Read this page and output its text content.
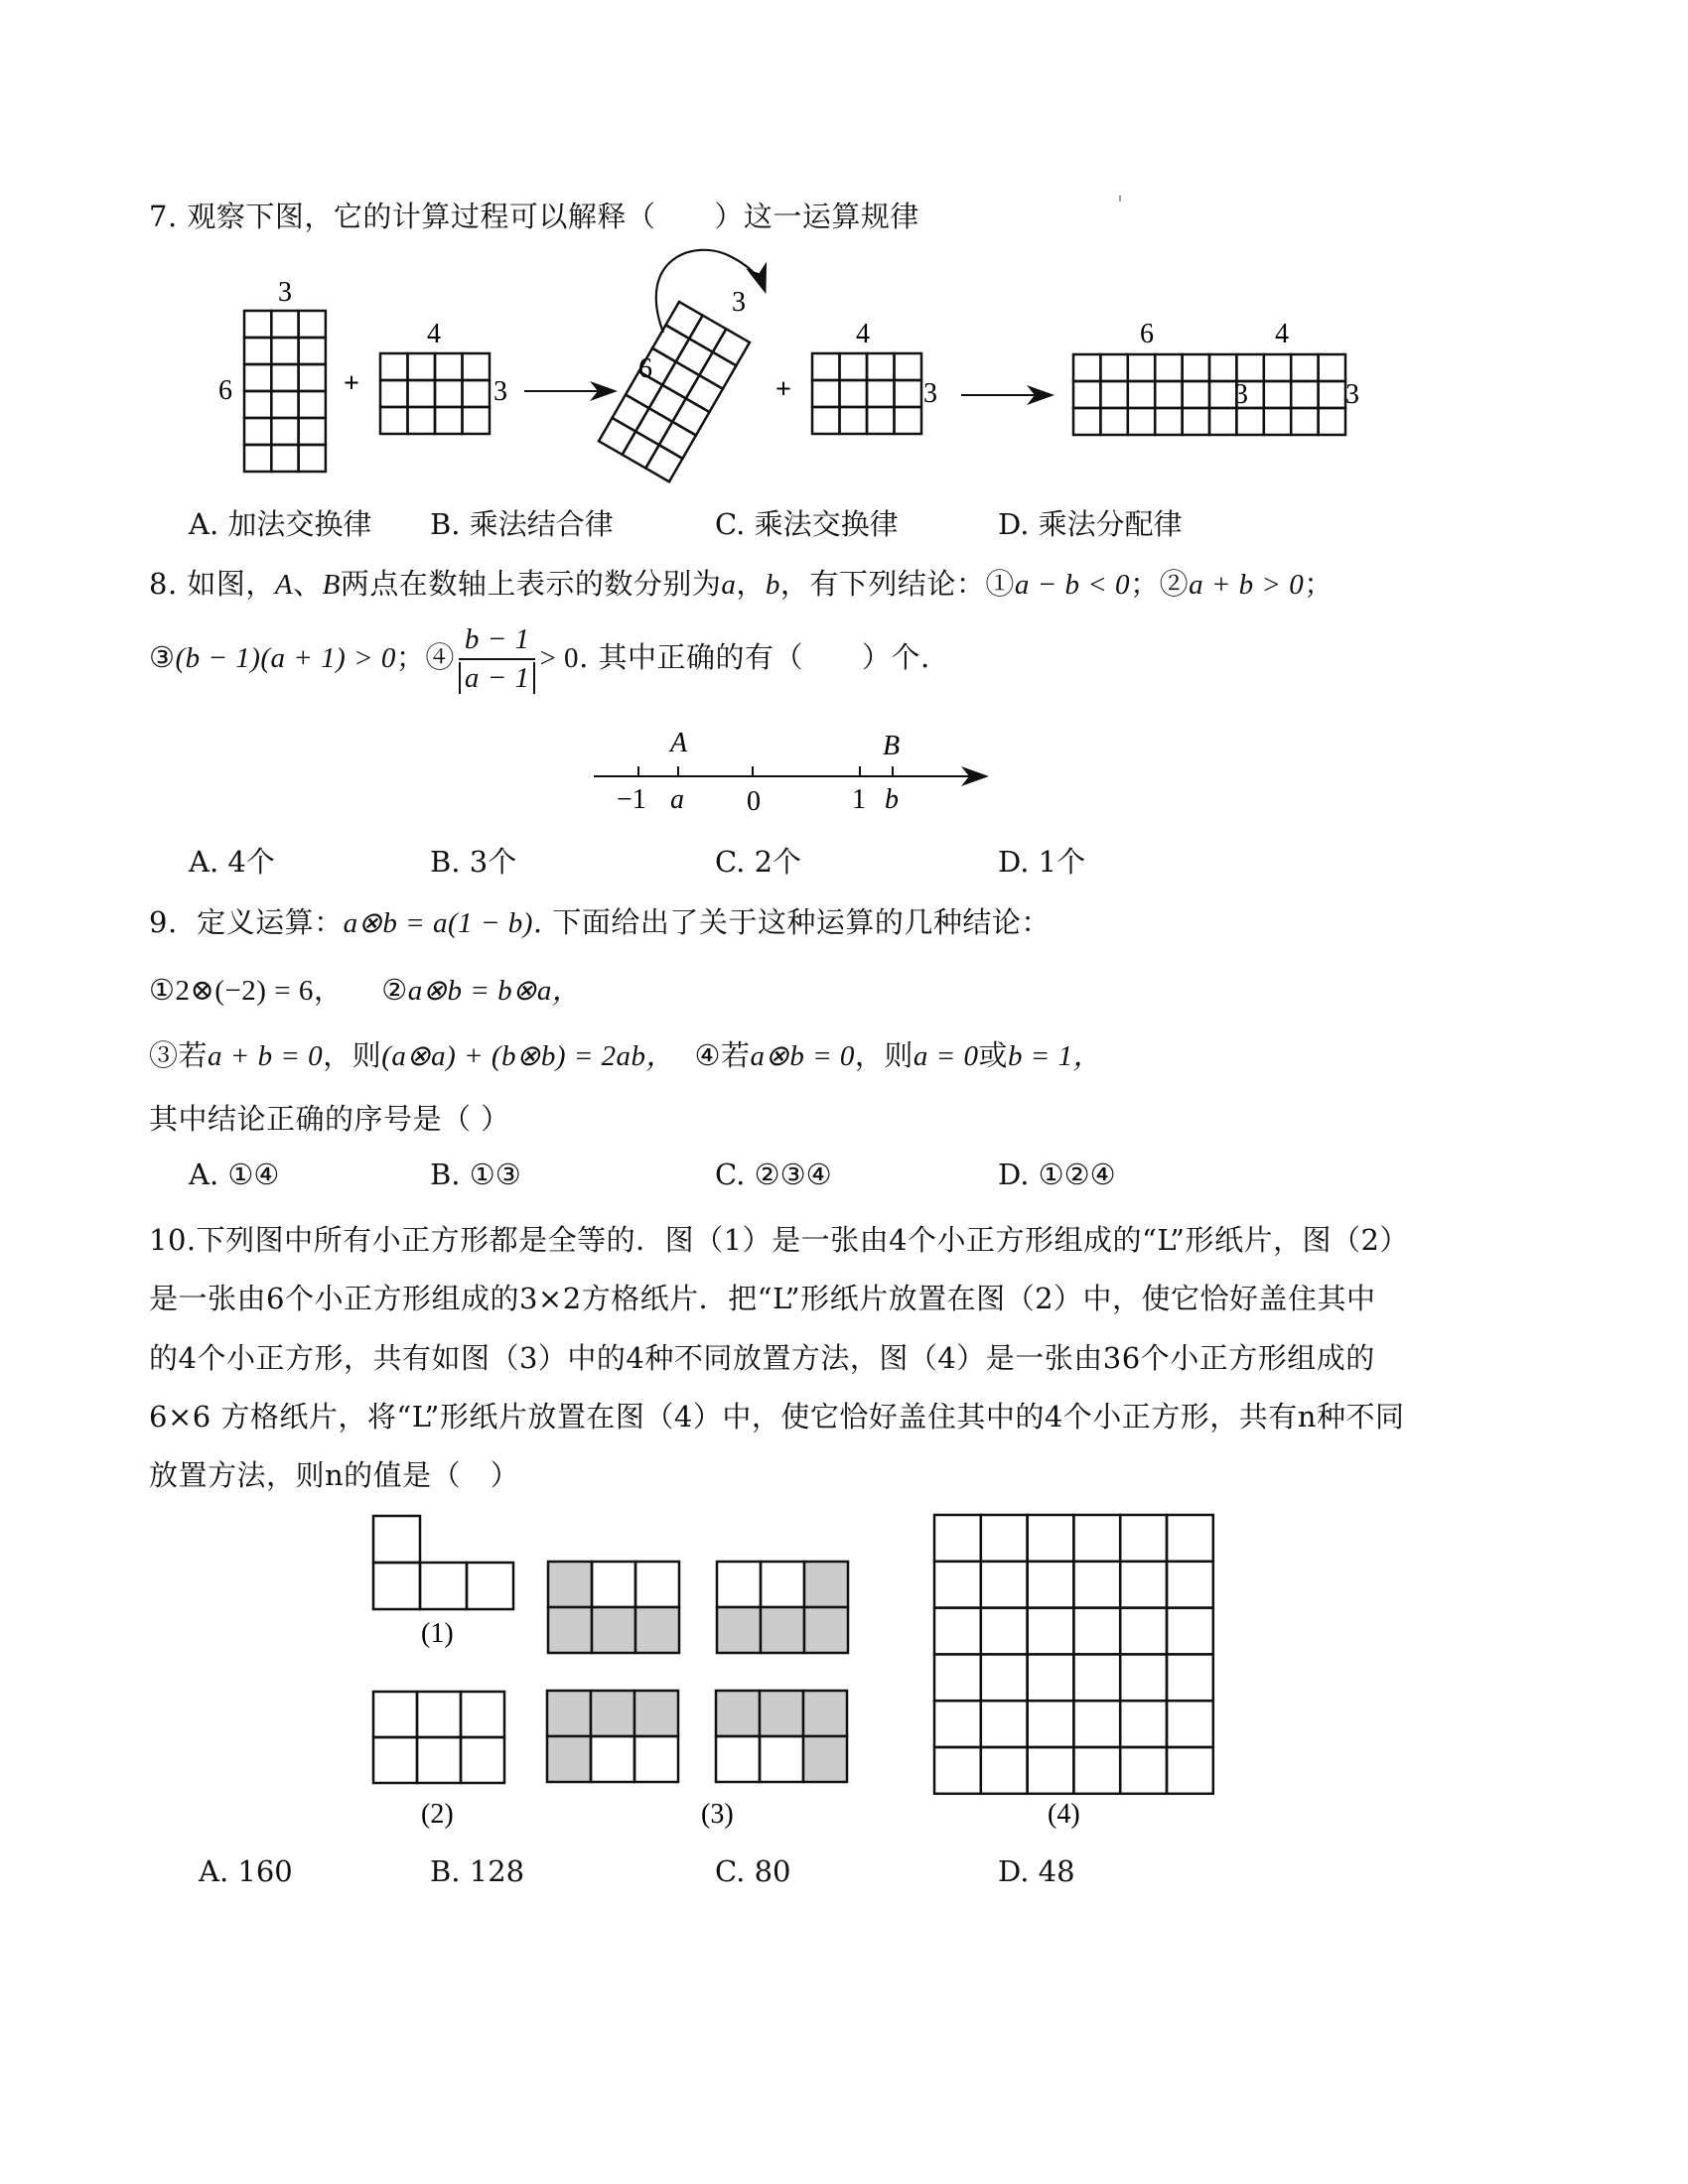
7. 观察下图，它的计算过程可以解释（　　）这一运算规律
3
6	+
4
3
3
6
+
4
3
6	4
3	3
A. 加法交换律 B. 乘法结合律	C. 乘法交换律	D. 乘法分配律
8. 如图，A、B两点在数轴上表示的数分别为a，b，有下列结论：①a − b < 0；②a + b > 0；
③(b − 1)(a + 1) > 0；④ $\frac{b - 1}{a - 1} > 0$. 其中正确的有（　　）个.
A	B
−1 a 0	1 b
A. 4个	B. 3个	C. 2个	D. 1个
9. 定义运算：a⊗b = a(1 − b). 下面给出了关于这种运算的几种结论：
①2⊗(−2) = 6， ②a⊗b = b⊗a，
③若a + b = 0，则(a⊗a) + (b⊗b) = 2ab， ④若a⊗b = 0，则a = 0或b = 1，
其中结论正确的序号是（ ）
A. ①④	B. ①③	C. ②③④	D. ①②④
10.下列图中所有小正方形都是全等的．图（1）是一张由4个小正方形组成的“L”形纸片，图（2）
是一张由6个小正方形组成的3×2方格纸片．把“L”形纸片放置在图（2）中，使它恰好盖住其中
的4个小正方形，共有如图（3）中的4种不同放置方法，图（4）是一张由36个小正方形组成的
6×6 方格纸片，将“L”形纸片放置在图（4）中，使它恰好盖住其中的4个小正方形，共有n种不同
放置方法，则n的值是（　）
(1)
(2)	(3)	(4)
A. 160	B. 128	C. 80	D. 48
